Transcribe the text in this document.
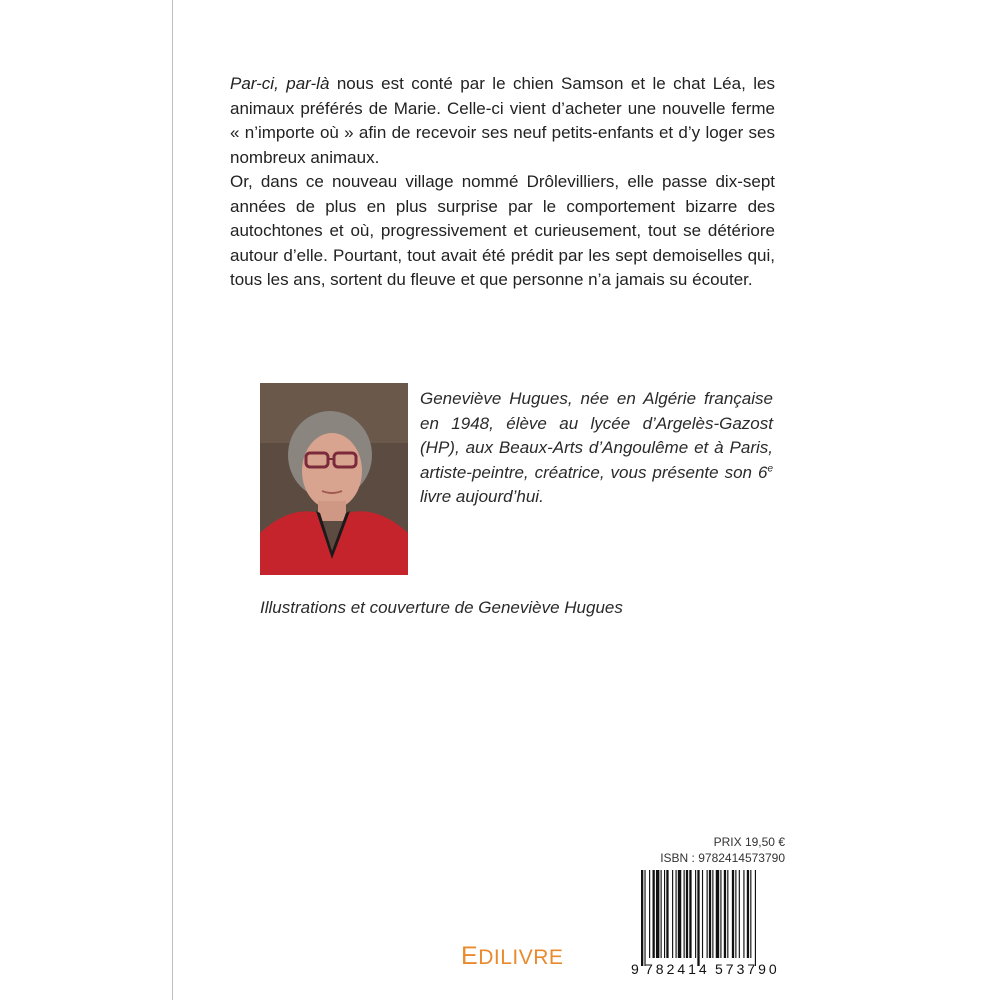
Par-ci, par-là nous est conté par le chien Samson et le chat Léa, les animaux préférés de Marie. Celle-ci vient d’acheter une nouvelle ferme « n’importe où » afin de recevoir ses neuf petits-enfants et d’y loger ses nombreux animaux.

Or, dans ce nouveau village nommé Drôlevilliers, elle passe dix-sept années de plus en plus surprise par le comportement bizarre des autochtones et où, progressivement et curieusement, tout se détériore autour d’elle. Pourtant, tout avait été prédit par les sept demoiselles qui, tous les ans, sortent du fleuve et que personne n’a jamais su écouter.

Geneviève Hugues, née en Algérie française en 1948, élève au lycée d’Argelès-Gazost (HP), aux Beaux-Arts d’Angoulême et à Paris, artiste-peintre, créatrice, vous présente son 6e livre aujourd’hui.

Illustrations et couverture de Geneviève Hugues

EDILIVRE
PRIX 19,50 €
ISBN : 9782414573790
9 782414 573790
